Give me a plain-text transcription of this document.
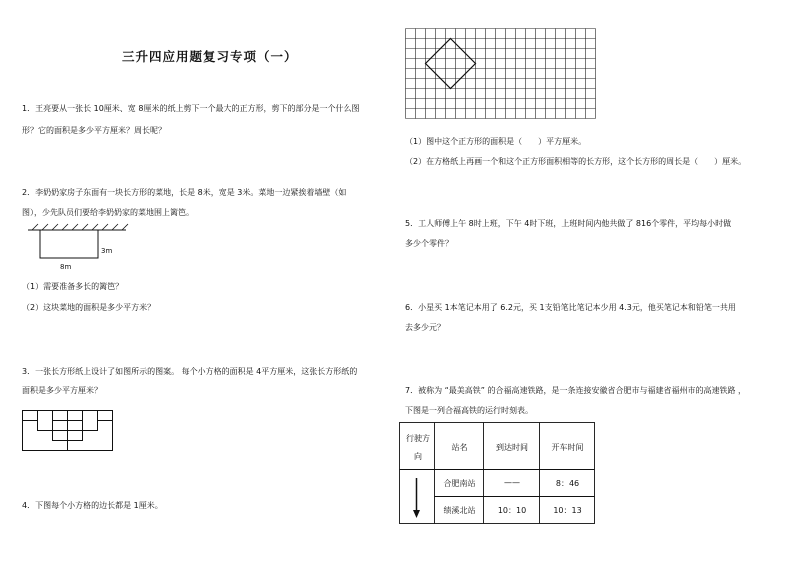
三升四应用题复习专项（一）
1．王亮要从一张长 10厘米、宽 8厘米的纸上剪下一个最大的正方形，剪下的部分是一个什么图
形？它的面积是多少平方厘米？周长呢？
2．李奶奶家房子东面有一块长方形的菜地，长是 8米，宽是 3米。菜地一边紧挨着墙壁（如
图），少先队员们要给李奶奶家的菜地围上篱笆。
3m
8m
（1）需要准备多长的篱笆？
（2）这块菜地的面积是多少平方米？
3．一张长方形纸上设计了如图所示的图案。 每个小方格的面积是 4平方厘米，这张长方形纸的
面积是多少平方厘米？
4．下图每个小方格的边长都是 1厘米。
（1）图中这个正方形的面积是（　　）平方厘米。
（2）在方格纸上再画一个和这个正方形面积相等的长方形，这个长方形的周长是（　　）厘米。
5．工人师傅上午 8时上班，下午 4时下班，上班时间内他共做了 816个零件，平均每小时做
多少个零件？
6．小星买 1本笔记本用了 6.2元，买 1支铅笔比笔记本少用 4.3元，他买笔记本和铅笔一共用
去多少元？
7．被称为 “最美高铁” 的合福高速铁路，是一条连接安徽省合肥市与福建省福州市的高速铁路 ，
下图是一列合福高铁的运行时刻表。
行驶方
向
站名	到达时间	开车时间
合肥南站	——	8：46
绩溪北站	10：10	10：13
